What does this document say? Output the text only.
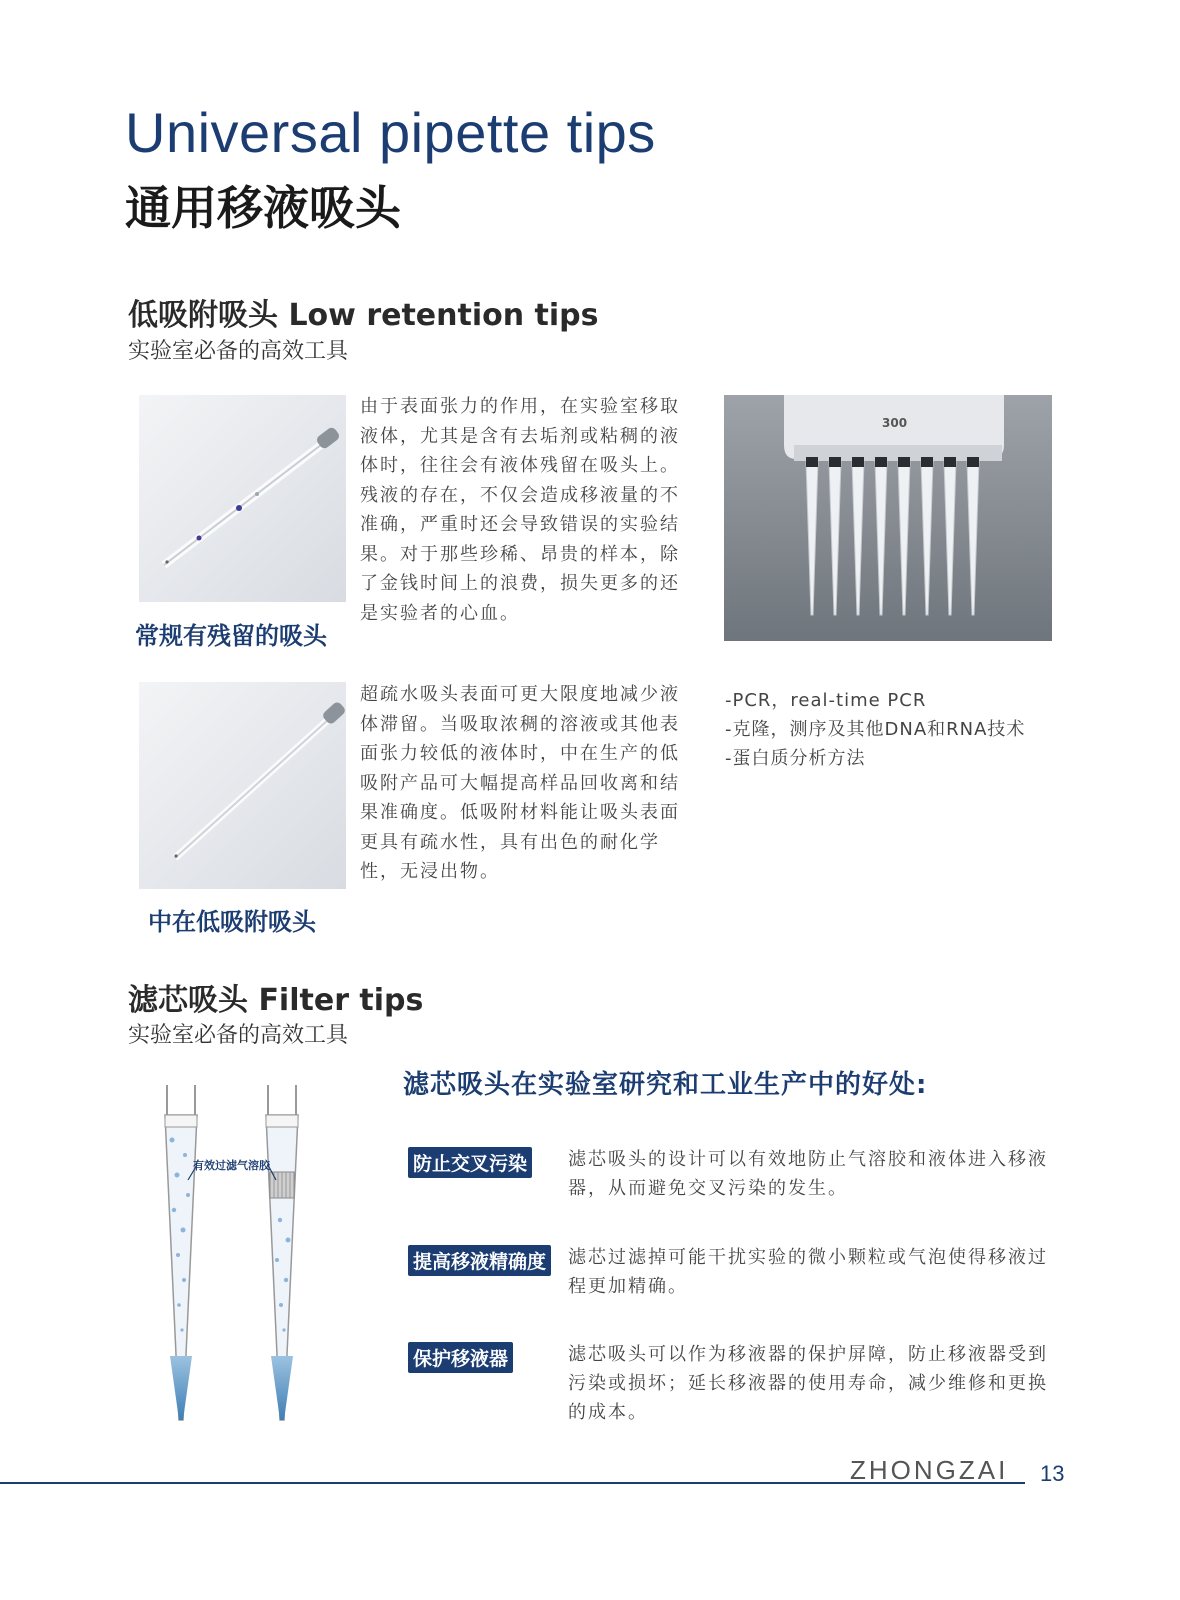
Universal pipette tips
通用移液吸头
低吸附吸头 Low retention tips
实验室必备的高效工具
由于表面张力的作用，在实验室移取液体，尤其是含有去垢剂或粘稠的液体时，往往会有液体残留在吸头上。残液的存在，不仅会造成移液量的不准确，严重时还会导致错误的实验结果。对于那些珍稀、昂贵的样本，除了金钱时间上的浪费，损失更多的还是实验者的心血。
常规有残留的吸头
超疏水吸头表面可更大限度地减少液体滞留。当吸取浓稠的溶液或其他表面张力较低的液体时，中在生产的低吸附产品可大幅提高样品回收离和结果准确度。低吸附材料能让吸头表面更具有疏水性，具有出色的耐化学性，无浸出物。
中在低吸附吸头
300
-PCR，real-time PCR
-克隆，测序及其他DNA和RNA技术
-蛋白质分析方法
滤芯吸头 Filter tips
实验室必备的高效工具
有效过滤气溶胶
滤芯吸头在实验室研究和工业生产中的好处:
防止交叉污染 滤芯吸头的设计可以有效地防止气溶胶和液体进入移液器，从而避免交叉污染的发生。
提高移液精确度 滤芯过滤掉可能干扰实验的微小颗粒或气泡使得移液过程更加精确。
保护移液器	滤芯吸头可以作为移液器的保护屏障，防止移液器受到污染或损坏；延长移液器的使用寿命，减少维修和更换的成本。
ZHONGZAI 13
